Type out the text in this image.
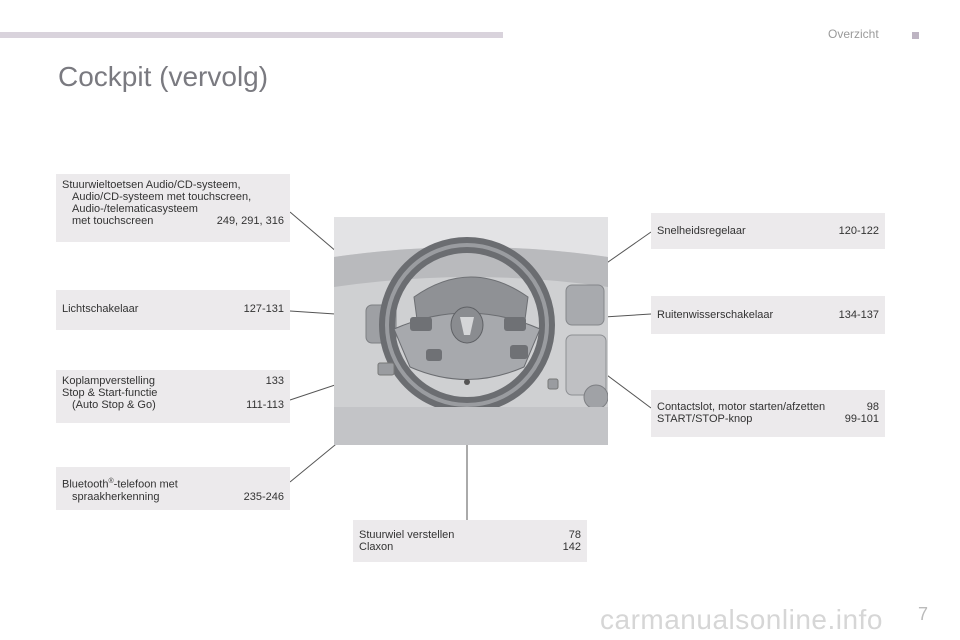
Overzicht
Cockpit (vervolg)
Stuurwieltoetsen Audio/CD-systeem,
Audio/CD-systeem met touchscreen,
Audio-/telematicasysteem
met touchscreen	249, 291, 316
Lichtschakelaar	127-131
Koplampverstelling	133
Stop & Start-functie
(Auto Stop & Go)	111-113
Bluetooth®-telefoon met
spraakherkenning	235-246
Snelheidsregelaar	120-122
Ruitenwisserschakelaar	134-137
Contactslot, motor starten/afzetten	98
START/STOP-knop	99-101
Stuurwiel verstellen	78
Claxon	142
carmanualsonline.info 7
